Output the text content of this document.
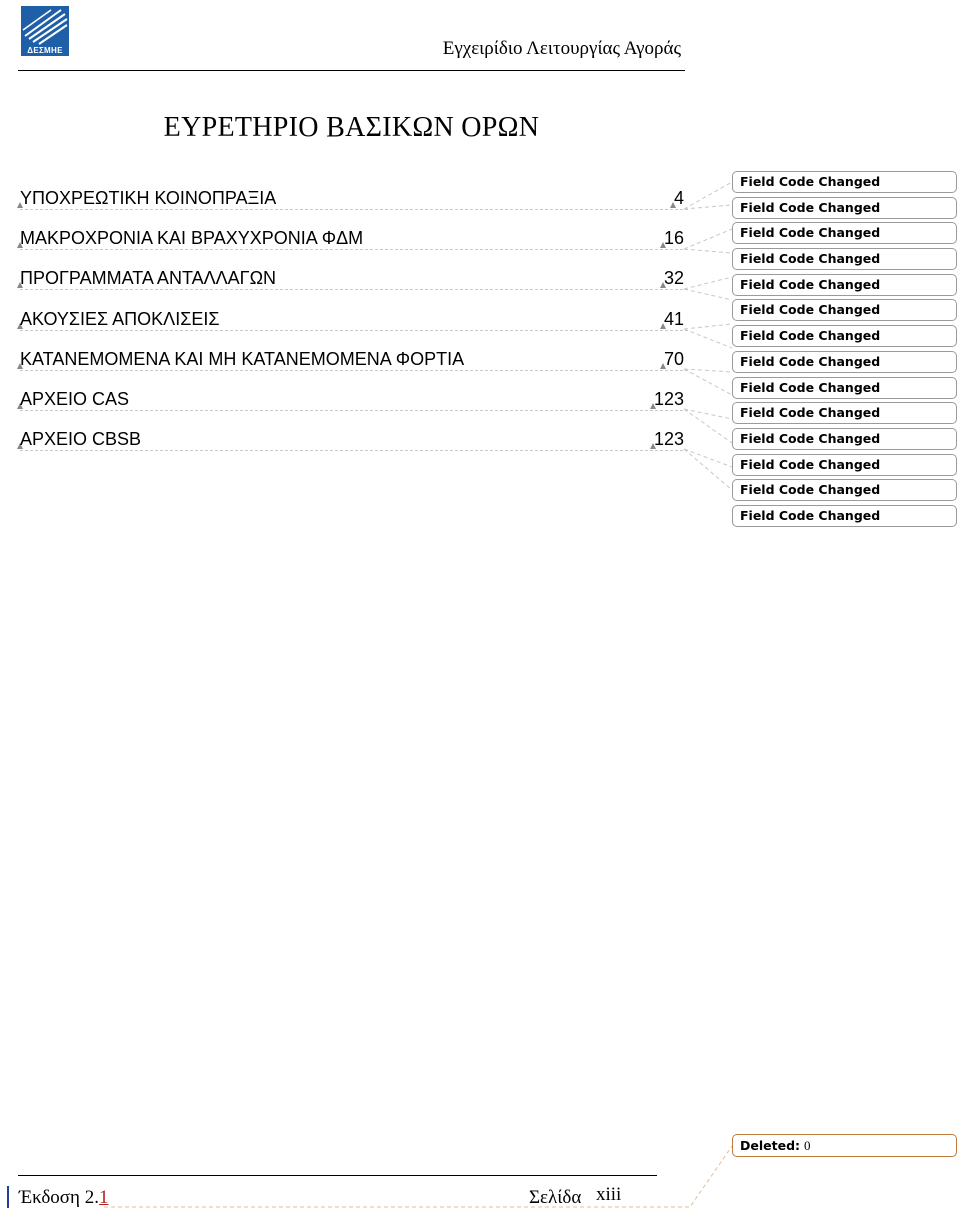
ΔΕΣΜΗΕ	Εγχειρίδιο Λειτουργίας Αγοράς
ΕΥΡΕΤΗΡΙΟ ΒΑΣΙΚΩΝ ΟΡΩΝ
ΥΠΟΧΡΕΩΤΙΚΗ ΚΟΙΝΟΠΡΑΞΙΑ	4
ΜΑΚΡΟΧΡΟΝΙΑ ΚΑΙ ΒΡΑΧΥΧΡΟΝΙΑ ΦΔΜ	16
ΠΡΟΓΡΑΜΜΑΤΑ ΑΝΤΑΛΛΑΓΩΝ	32
ΑΚΟΥΣΙΕΣ ΑΠΟΚΛΙΣΕΙΣ	41
ΚΑΤΑΝΕΜΟΜΕΝΑ ΚΑΙ ΜΗ ΚΑΤΑΝΕΜΟΜΕΝΑ ΦΟΡΤΙΑ	70
ΑΡΧΕΙΟ CAS	123
ΑΡΧΕΙΟ CBSB	123
Field Code Changed
Field Code Changed
Field Code Changed
Field Code Changed
Field Code Changed
Field Code Changed
Field Code Changed
Field Code Changed
Field Code Changed
Field Code Changed
Field Code Changed
Field Code Changed
Field Code Changed
Field Code Changed
Deleted: 0
Έκδοση 2.1	Σελίδα xiii
